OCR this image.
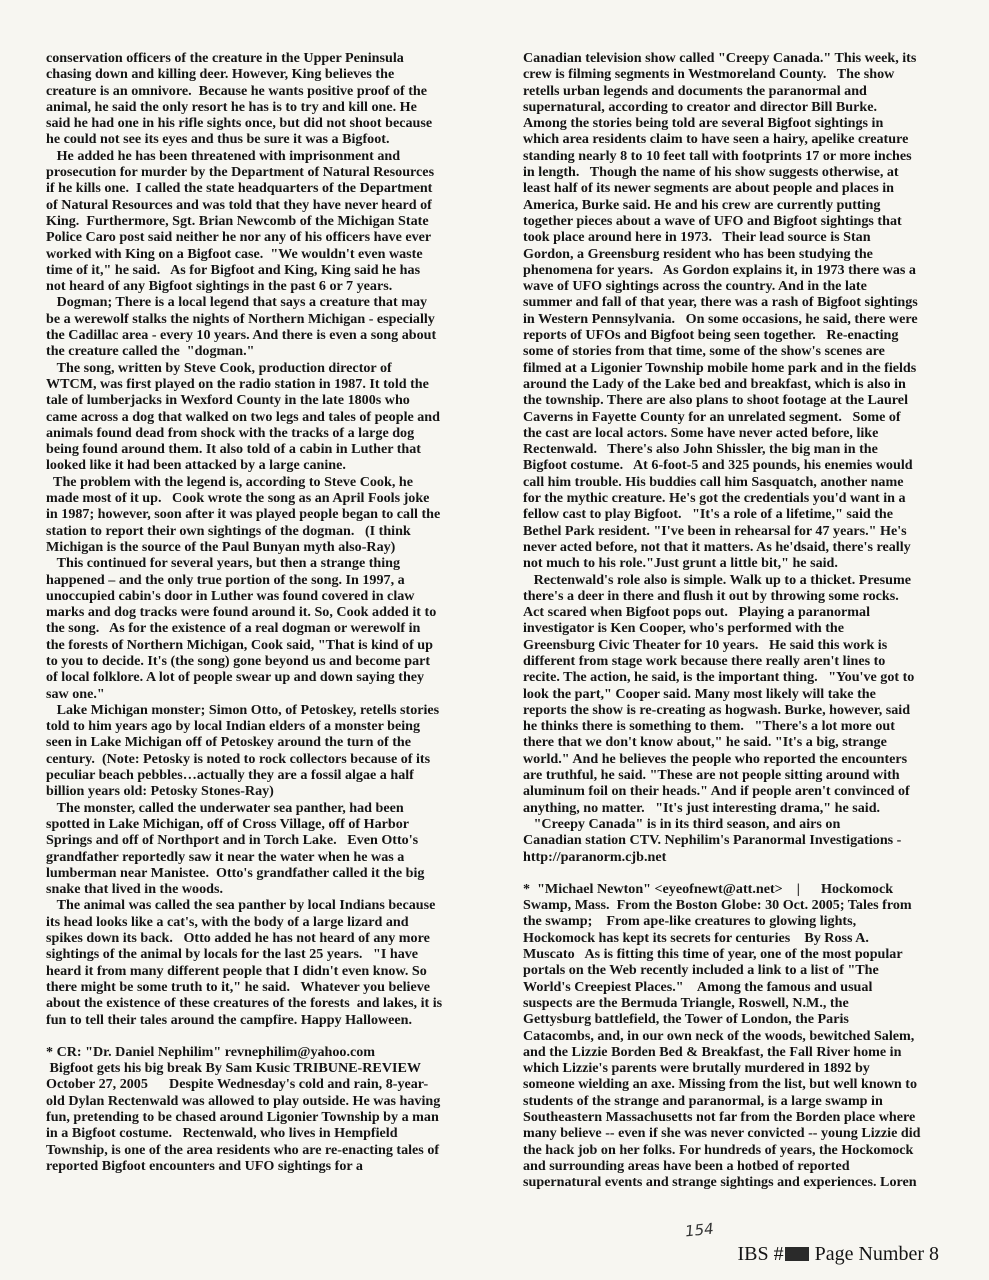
conservation officers of the creature in the Upper Peninsula
chasing down and killing deer. However, King believes the
creature is an omnivore.  Because he wants positive proof of the
animal, he said the only resort he has is to try and kill one. He
said he had one in his rifle sights once, but did not shoot because
he could not see its eyes and thus be sure it was a Bigfoot.

He added he has been threatened with imprisonment and
prosecution for murder by the Department of Natural Resources
if he kills one.  I called the state headquarters of the Department
of Natural Resources and was told that they have never heard of
King.  Furthermore, Sgt. Brian Newcomb of the Michigan State
Police Caro post said neither he nor any of his officers have ever
worked with King on a Bigfoot case.  "We wouldn't even waste
time of it," he said.   As for Bigfoot and King, King said he has
not heard of any Bigfoot sightings in the past 6 or 7 years.

Dogman; There is a local legend that says a creature that may
be a werewolf stalks the nights of Northern Michigan - especially
the Cadillac area - every 10 years. And there is even a song about
the creature called the  "dogman."

The song, written by Steve Cook, production director of
WTCM, was first played on the radio station in 1987. It told the
tale of lumberjacks in Wexford County in the late 1800s who
came across a dog that walked on two legs and tales of people and
animals found dead from shock with the tracks of a large dog
being found around them. It also told of a cabin in Luther that
looked like it had been attacked by a large canine.

The problem with the legend is, according to Steve Cook, he
made most of it up.   Cook wrote the song as an April Fools joke
in 1987; however, soon after it was played people began to call the
station to report their own sightings of the dogman.   (I think
Michigan is the source of the Paul Bunyan myth also-Ray)

This continued for several years, but then a strange thing
happened – and the only true portion of the song. In 1997, a
unoccupied cabin's door in Luther was found covered in claw
marks and dog tracks were found around it. So, Cook added it to
the song.   As for the existence of a real dogman or werewolf in
the forests of Northern Michigan, Cook said, "That is kind of up
to you to decide. It's (the song) gone beyond us and become part
of local folklore. A lot of people swear up and down saying they
saw one."

Lake Michigan monster; Simon Otto, of Petoskey, retells stories
told to him years ago by local Indian elders of a monster being
seen in Lake Michigan off of Petoskey around the turn of the
century.  (Note: Petosky is noted to rock collectors because of its
peculiar beach pebbles…actually they are a fossil algae a half
billion years old: Petosky Stones-Ray)

The monster, called the underwater sea panther, had been
spotted in Lake Michigan, off of Cross Village, off of Harbor
Springs and off of Northport and in Torch Lake.   Even Otto's
grandfather reportedly saw it near the water when he was a
lumberman near Manistee.  Otto's grandfather called it the big
snake that lived in the woods.

The animal was called the sea panther by local Indians because
its head looks like a cat's, with the body of a large lizard and
spikes down its back.   Otto added he has not heard of any more
sightings of the animal by locals for the last 25 years.   "I have
heard it from many different people that I didn't even know. So
there might be some truth to it," he said.   Whatever you believe
about the existence of these creatures of the forests  and lakes, it is
fun to tell their tales around the campfire. Happy Halloween.

* CR: "Dr. Daniel Nephilim" revnephilim@yahoo.com
Bigfoot gets his big break By Sam Kusic TRIBUNE-REVIEW
October 27, 2005      Despite Wednesday's cold and rain, 8-year-
old Dylan Rectenwald was allowed to play outside. He was having
fun, pretending to be chased around Ligonier Township by a man
in a Bigfoot costume.   Rectenwald, who lives in Hempfield
Township, is one of the area residents who are re-enacting tales of
reported Bigfoot encounters and UFO sightings for a

Canadian television show called "Creepy Canada." This week, its
crew is filming segments in Westmoreland County.   The show
retells urban legends and documents the paranormal and
supernatural, according to creator and director Bill Burke.
Among the stories being told are several Bigfoot sightings in
which area residents claim to have seen a hairy, apelike creature
standing nearly 8 to 10 feet tall with footprints 17 or more inches
in length.   Though the name of his show suggests otherwise, at
least half of its newer segments are about people and places in
America, Burke said. He and his crew are currently putting
together pieces about a wave of UFO and Bigfoot sightings that
took place around here in 1973.   Their lead source is Stan
Gordon, a Greensburg resident who has been studying the
phenomena for years.   As Gordon explains it, in 1973 there was a
wave of UFO sightings across the country. And in the late
summer and fall of that year, there was a rash of Bigfoot sightings
in Western Pennsylvania.   On some occasions, he said, there were
reports of UFOs and Bigfoot being seen together.   Re-enacting
some of stories from that time, some of the show's scenes are
filmed at a Ligonier Township mobile home park and in the fields
around the Lady of the Lake bed and breakfast, which is also in
the township. There are also plans to shoot footage at the Laurel
Caverns in Fayette County for an unrelated segment.   Some of
the cast are local actors. Some have never acted before, like
Rectenwald.   There's also John Shissler, the big man in the
Bigfoot costume.   At 6-foot-5 and 325 pounds, his enemies would
call him trouble. His buddies call him Sasquatch, another name
for the mythic creature. He's got the credentials you'd want in a
fellow cast to play Bigfoot.   "It's a role of a lifetime," said the
Bethel Park resident. "I've been in rehearsal for 47 years." He's
never acted before, not that it matters. As he'dsaid, there's really
not much to his role."Just grunt a little bit," he said.

Rectenwald's role also is simple. Walk up to a thicket. Presume
there's a deer in there and flush it out by throwing some rocks.
Act scared when Bigfoot pops out.   Playing a paranormal
investigator is Ken Cooper, who's performed with the
Greensburg Civic Theater for 10 years.   He said this work is
different from stage work because there really aren't lines to
recite. The action, he said, is the important thing.   "You've got to
look the part," Cooper said. Many most likely will take the
reports the show is re-creating as hogwash. Burke, however, said
he thinks there is something to them.   "There's a lot more out
there that we don't know about," he said. "It's a big, strange
world." And he believes the people who reported the encounters
are truthful, he said. "These are not people sitting around with
aluminum foil on their heads." And if people aren't convinced of
anything, no matter.   "It's just interesting drama," he said.

"Creepy Canada" is in its third season, and airs on
Canadian station CTV. Nephilim's Paranormal Investigations -
http://paranorm.cjb.net

*  "Michael Newton" <eyeofnewt@att.net>    |      Hockomock
Swamp, Mass.  From the Boston Globe: 30 Oct. 2005; Tales from
the swamp;    From ape-like creatures to glowing lights,
Hockomock has kept its secrets for centuries    By Ross A.
Muscato   As is fitting this time of year, one of the most popular
portals on the Web recently included a link to a list of "The
World's Creepiest Places."    Among the famous and usual
suspects are the Bermuda Triangle, Roswell, N.M., the
Gettysburg battlefield, the Tower of London, the Paris
Catacombs, and, in our own neck of the woods, bewitched Salem,
and the Lizzie Borden Bed & Breakfast, the Fall River home in
which Lizzie's parents were brutally murdered in 1892 by
someone wielding an axe. Missing from the list, but well known to
students of the strange and paranormal, is a large swamp in
Southeastern Massachusetts not far from the Borden place where
many believe -- even if she was never convicted -- young Lizzie did
the hack job on her folks. For hundreds of years, the Hockomock
and surrounding areas have been a hotbed of reported
supernatural events and strange sightings and experiences. Loren

154
IBS # Page Number 8
